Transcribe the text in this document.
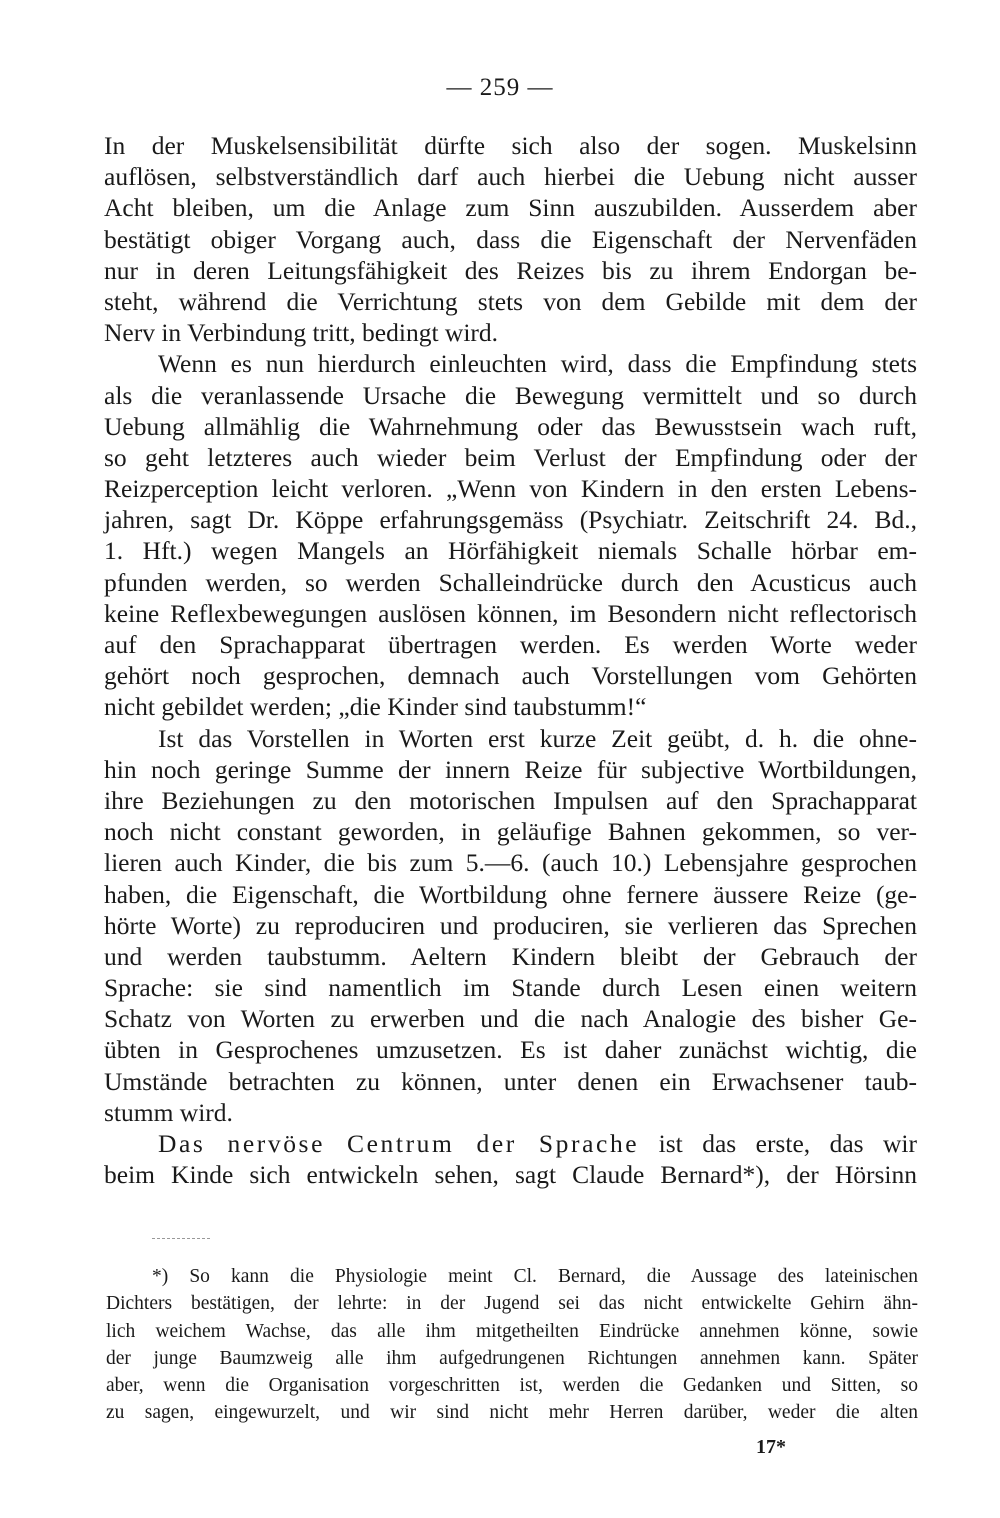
— 259 —
In der Muskelsensibilität dürfte sich also der sogen. Muskelsinn
auflösen, selbstverständlich darf auch hierbei die Uebung nicht ausser
Acht bleiben, um die Anlage zum Sinn auszubilden. Ausserdem aber
bestätigt obiger Vorgang auch, dass die Eigenschaft der Nervenfäden
nur in deren Leitungsfähigkeit des Reizes bis zu ihrem Endorgan be-
steht, während die Verrichtung stets von dem Gebilde mit dem der
Nerv in Verbindung tritt, bedingt wird.
Wenn es nun hierdurch einleuchten wird, dass die Empfindung stets
als die veranlassende Ursache die Bewegung vermittelt und so durch
Uebung allmählig die Wahrnehmung oder das Bewusstsein wach ruft,
so geht letzteres auch wieder beim Verlust der Empfindung oder der
Reizperception leicht verloren. „Wenn von Kindern in den ersten Lebens-
jahren, sagt Dr. Köppe erfahrungsgemäss (Psychiatr. Zeitschrift 24. Bd.,
1. Hft.) wegen Mangels an Hörfähigkeit niemals Schalle hörbar em-
pfunden werden, so werden Schalleindrücke durch den Acusticus auch
keine Reflexbewegungen auslösen können, im Besondern nicht reflectorisch
auf den Sprachapparat übertragen werden. Es werden Worte weder
gehört noch gesprochen, demnach auch Vorstellungen vom Gehörten
nicht gebildet werden; „die Kinder sind taubstumm!“
Ist das Vorstellen in Worten erst kurze Zeit geübt, d. h. die ohne-
hin noch geringe Summe der innern Reize für subjective Wortbildungen,
ihre Beziehungen zu den motorischen Impulsen auf den Sprachapparat
noch nicht constant geworden, in geläufige Bahnen gekommen, so ver-
lieren auch Kinder, die bis zum 5.—6. (auch 10.) Lebensjahre gesprochen
haben, die Eigenschaft, die Wortbildung ohne fernere äussere Reize (ge-
hörte Worte) zu reproduciren und produciren, sie verlieren das Sprechen
und werden taubstumm. Aeltern Kindern bleibt der Gebrauch der
Sprache: sie sind namentlich im Stande durch Lesen einen weitern
Schatz von Worten zu erwerben und die nach Analogie des bisher Ge-
übten in Gesprochenes umzusetzen. Es ist daher zunächst wichtig, die
Umstände betrachten zu können, unter denen ein Erwachsener taub-
stumm wird.
Das nervöse Centrum der Sprache ist das erste, das wir
beim Kinde sich entwickeln sehen, sagt Claude Bernard*), der Hörsinn
*) So kann die Physiologie meint Cl. Bernard, die Aussage des lateinischen
Dichters bestätigen, der lehrte: in der Jugend sei das nicht entwickelte Gehirn ähn-
lich weichem Wachse, das alle ihm mitgetheilten Eindrücke annehmen könne, sowie
der junge Baumzweig alle ihm aufgedrungenen Richtungen annehmen kann. Später
aber, wenn die Organisation vorgeschritten ist, werden die Gedanken und Sitten, so
zu sagen, eingewurzelt, und wir sind nicht mehr Herren darüber, weder die alten
17*
